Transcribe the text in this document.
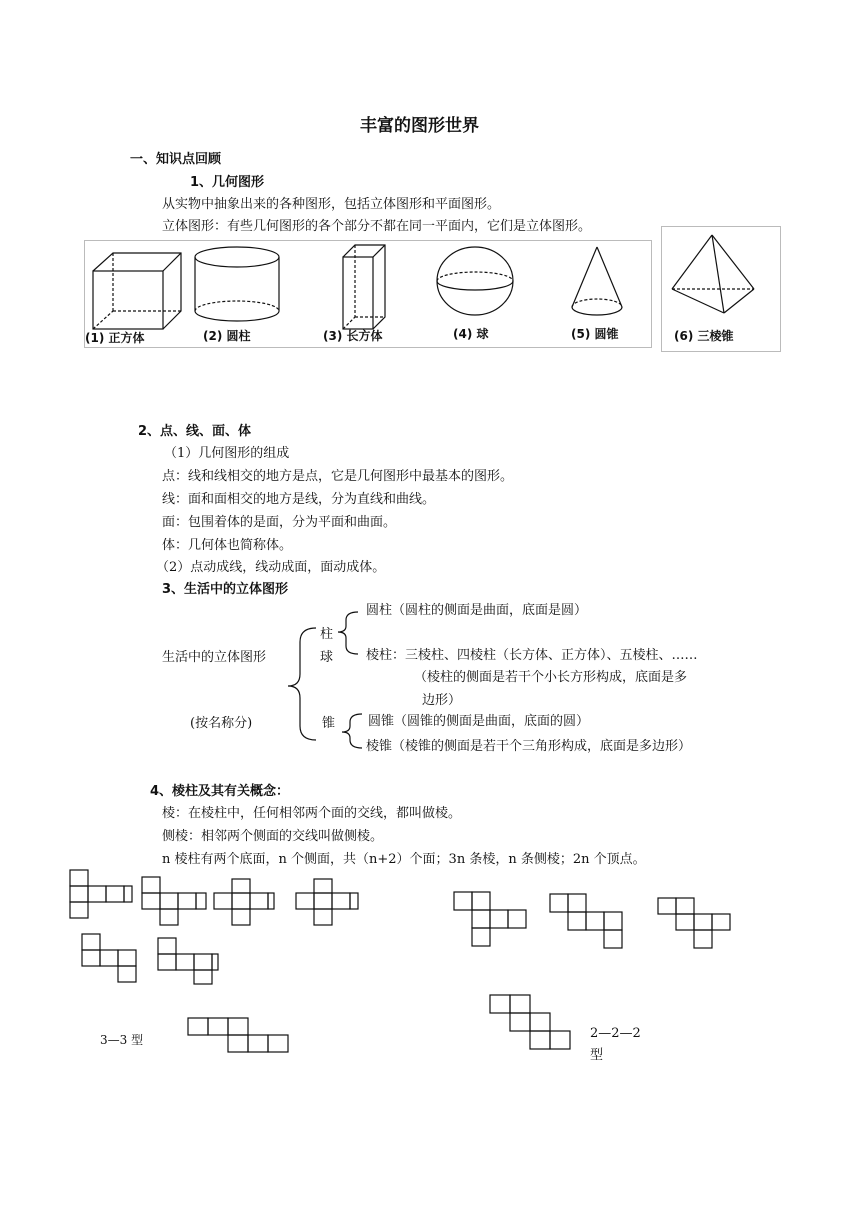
丰富的图形世界
一、知识点回顾
1、几何图形
从实物中抽象出来的各种图形，包括立体图形和平面图形。
立体图形：有些几何图形的各个部分不都在同一平面内，它们是立体图形。
(1) 正方体	(2) 圆柱	(3) 长方体	(4) 球	(5) 圆锥	(6) 三棱锥
2、点、线、面、体
（1）几何图形的组成
点：线和线相交的地方是点，它是几何图形中最基本的图形。
线：面和面相交的地方是线，分为直线和曲线。
面：包围着体的是面，分为平面和曲面。
体：几何体也简称体。
（2）点动成线，线动成面，面动成体。
3、生活中的立体图形
生活中的立体图形
(按名称分)
柱
球
圆柱（圆柱的侧面是曲面，底面是圆）
棱柱：三棱柱、四棱柱（长方体、正方体）、五棱柱、……
（棱柱的侧面是若干个小长方形构成，底面是多
边形）
锥	圆锥（圆锥的侧面是曲面，底面的圆）
棱锥（棱锥的侧面是若干个三角形构成，底面是多边形）
4、棱柱及其有关概念：
棱：在棱柱中，任何相邻两个面的交线，都叫做棱。
侧棱：相邻两个侧面的交线叫做侧棱。
n 棱柱有两个底面，n 个侧面，共（n+2）个面；3n 条棱，n 条侧棱；2n 个顶点。
3—3 型	2—2—2
型
